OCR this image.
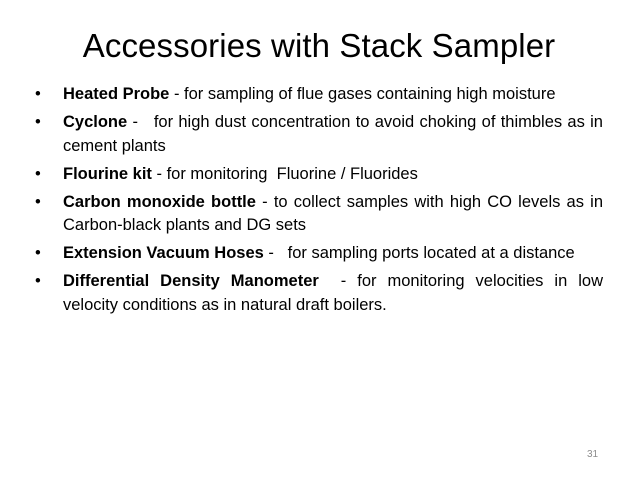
Accessories with Stack Sampler
• Heated Probe - for sampling of flue gases containing high moisture
• Cyclone -   for high dust concentration to avoid choking of thimbles as in cement plants
• Flourine kit - for monitoring  Fluorine / Fluorides
• Carbon monoxide bottle - to collect samples with high CO levels as in Carbon-black plants and DG sets
• Extension Vacuum Hoses -   for sampling ports located at a distance
• Differential Density Manometer  - for monitoring velocities in low velocity conditions as in natural draft boilers.
31
